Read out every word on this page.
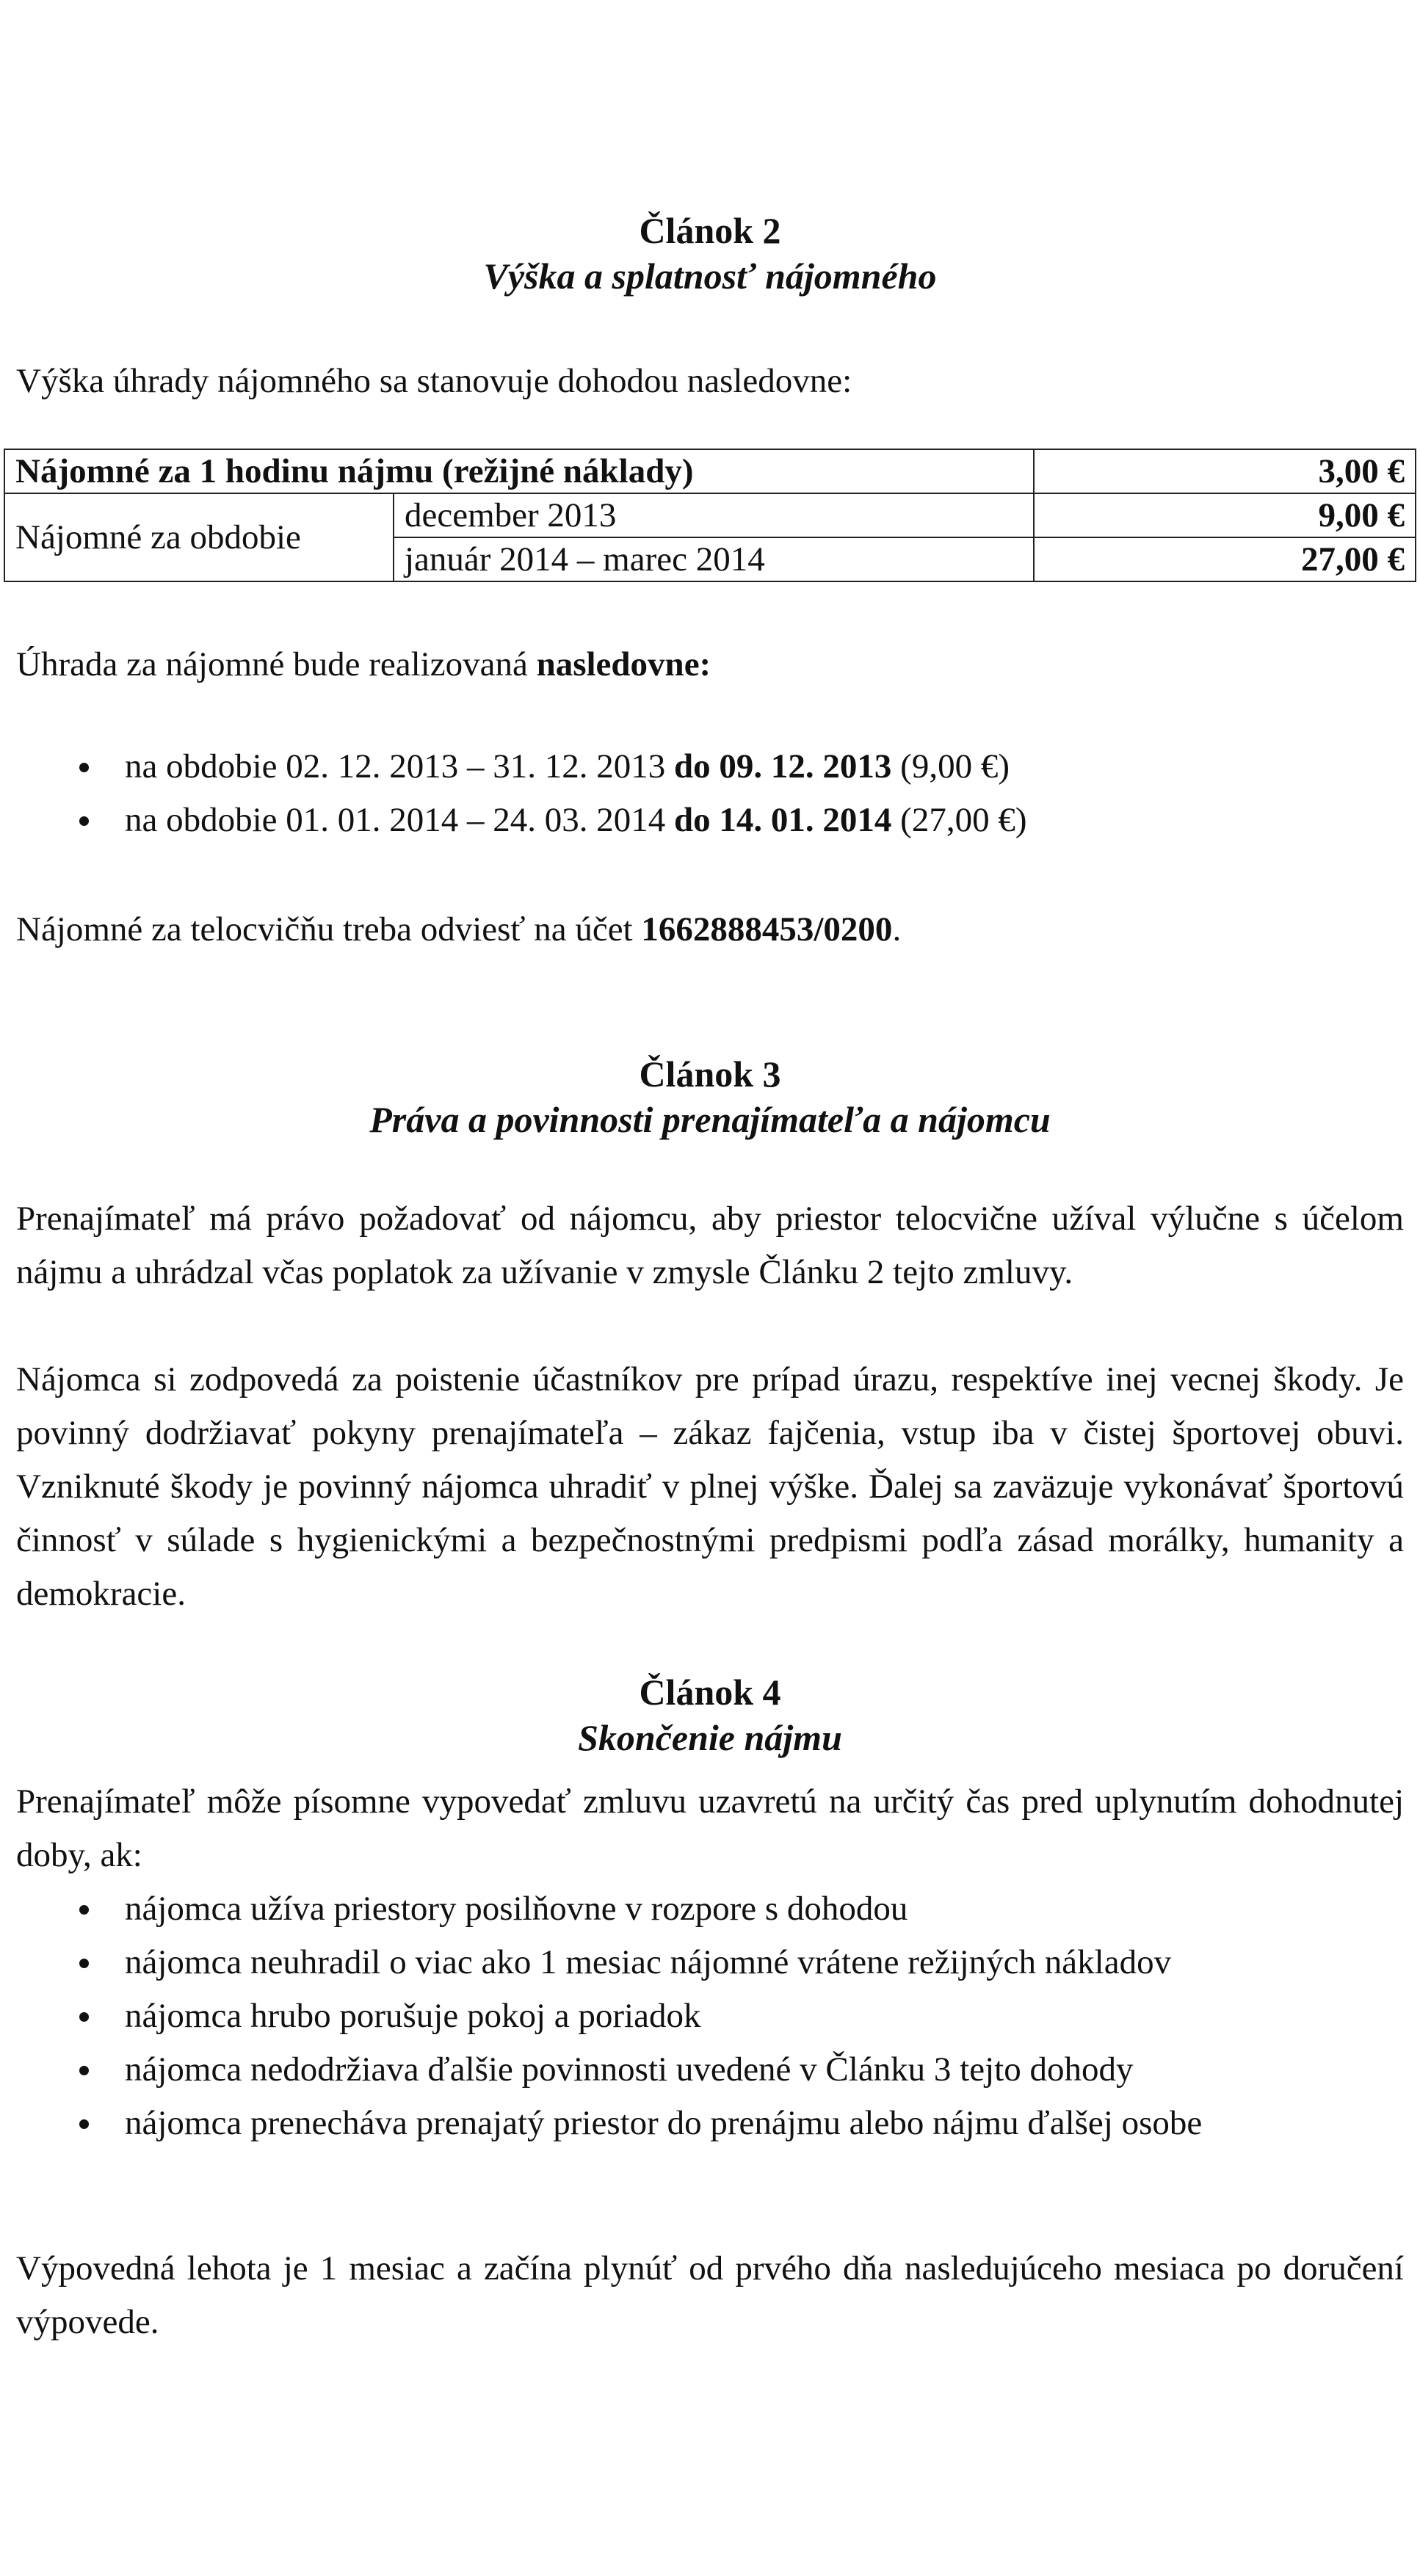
Článok 2
Výška a splatnosť nájomného
Výška úhrady nájomného sa stanovuje dohodou nasledovne:
Nájomné za 1 hodinu nájmu (režijné náklady)		3,00 €
Nájomné za obdobie	december 2013	9,00 €
	január 2014 – marec 2014	27,00 €
Úhrada za nájomné bude realizovaná nasledovne:
na obdobie 02. 12. 2013 – 31. 12. 2013 do 09. 12. 2013 (9,00 €)
na obdobie 01. 01. 2014 – 24. 03. 2014 do 14. 01. 2014 (27,00 €)
Nájomné za telocvičňu treba odviesť na účet 1662888453/0200.
Článok 3
Práva a povinnosti prenajímateľa a nájomcu
Prenajímateľ má právo požadovať od nájomcu, aby priestor telocvične užíval výlučne s účelom nájmu a uhrádzal včas poplatok za užívanie v zmysle Článku 2 tejto zmluvy.
Nájomca si zodpovedá za poistenie účastníkov pre prípad úrazu, respektíve inej vecnej škody. Je povinný dodržiavať pokyny prenajímateľa – zákaz fajčenia, vstup iba v čistej športovej obuvi. Vzniknuté škody je povinný nájomca uhradiť v plnej výške. Ďalej sa zaväzuje vykonávať športovú činnosť v súlade s hygienickými a bezpečnostnými predpismi podľa zásad morálky, humanity a demokracie.
Článok 4
Skončenie nájmu
Prenajímateľ môže písomne vypovedať zmluvu uzavretú na určitý čas pred uplynutím dohodnutej doby, ak:
nájomca užíva priestory posilňovne v rozpore s dohodou
nájomca neuhradil o viac ako 1 mesiac nájomné vrátene režijných nákladov
nájomca hrubo porušuje pokoj a poriadok
nájomca nedodržiava ďalšie povinnosti uvedené v Článku 3 tejto dohody
nájomca prenecháva prenajatý priestor do prenájmu alebo nájmu ďalšej osobe
Výpovedná lehota je 1 mesiac a začína plynúť od prvého dňa nasledujúceho mesiaca po doručení výpovede.
